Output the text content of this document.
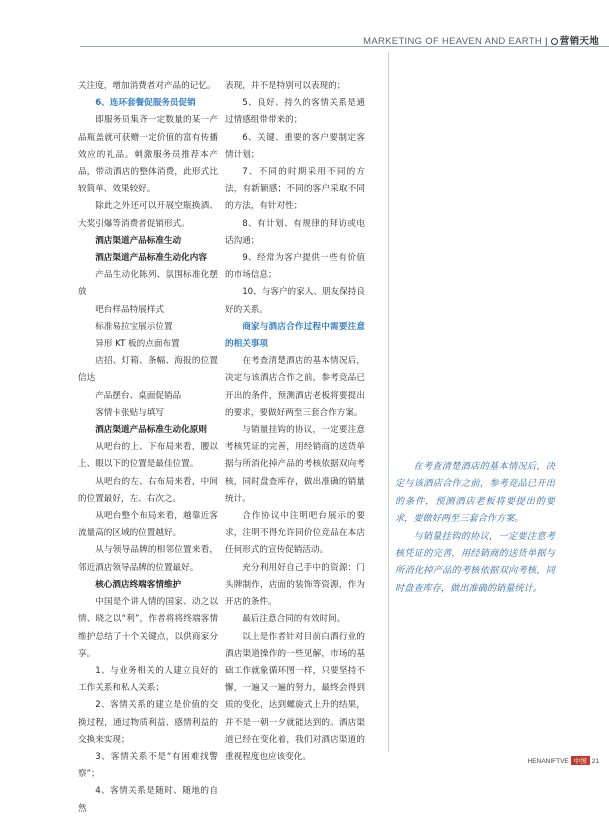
MARKETING OF HEAVEN AND EARTH | 营销天地

关注度，增加消费者对产品的记忆。

6、连环套餐促服务员促销

即服务员集齐一定数量的某一产品瓶盖就可获赠一定价值的富有传播效应的礼品。刺激服务员推荐本产品，带动酒店的整体消费，此形式比较简单、效果较好。

除此之外还可以开展空瓶换酒、大奖引爆等消费者促销形式。

酒店渠道产品标准生动

酒店渠道产品标准生动化内容

产品生动化陈列、氛围标准化摆放

吧台样品特展样式

标准易拉宝展示位置

异形 KT 板的点面布置

店招、灯箱、条幅、海报的位置信达

产品摆台、桌面促销品

客情卡张贴与填写

酒店渠道产品标准生动化原则

从吧台的上、下布局来看，腰以上、眼以下的位置是最佳位置。

从吧台的左、右布局来看，中间的位置最好，左、右次之。

从吧台整个布局来看，越靠近客流量高的区域的位置越好。

从与领导品牌的相邻位置来看，邻近酒店领导品牌的位置最好。

核心酒店终端客情维护

中国是个讲人情的国家、动之以情、晓之以“利”，作者将将终端客情维护总结了十个关键点，以供商家分享。

1、与业务相关的人建立良好的工作关系和私人关系；

2、客情关系的建立是价值的交换过程，通过物质利益、感情利益的交换来实现；

3、客情关系不是“有困难找警察”；

4、客情关系是随时、随地的自然

表现，并不是特别可以表现的；

5、良好、持久的客情关系是通过情感组带带来的；

6、关键、重要的客户要制定客情计划；

7、不同的时期采用不同的方法，有新颖感；不同的客户采取不同的方法，有针对性；

8、有计划、有规律的拜访或电话沟通；

9、经常为客户提供一些有价值的市场信息；

10、与客户的家人、朋友保持良好的关系。

商家与酒店合作过程中需要注意的相关事项

在考查清楚酒店的基本情况后，决定与该酒店合作之前，参考竞品已开出的条件，预测酒店老板将要提出的要求，要做好两至三套合作方案。

与销量挂钩的协议，一定要注意考核凭证的完善，用经销商的送货单据与所消化掉产品的考核依据双向考核，同时盘查库存，做出准确的销量统计。

合作协议中注明吧台展示的要求，注明不得允许同价位竞品在本店任何形式的宣传促销活动。

充分利用好自己手中的资源：门头牌制作，店面的装饰等资源，作为开店的条件。

最后注意合同的有效时间。

以上是作者针对目前白酒行业的酒店渠道操作的一些见解，市场的基础工作就象循环图一样，只要坚持不懈，一遍又一遍的努力，最终会得到质的变化，达到螺旋式上升的结果，并不是一朝一夕就能达到的。酒店渠道已经在变化着，我们对酒店渠道的重视程度也应该变化。

在考查清楚酒店的基本情况后，决定与该酒店合作之前，参考竞品已开出的条件，预测酒店老板将要提出的要求，要做好两至三套合作方案。

与销量挂钩的协议，一定要注意考核凭证的完善，用经销商的送货单据与所消化掉产品的考核依据双向考核，同时盘查库存，做出准确的销量统计。

HENANIFTVE 中国 21
